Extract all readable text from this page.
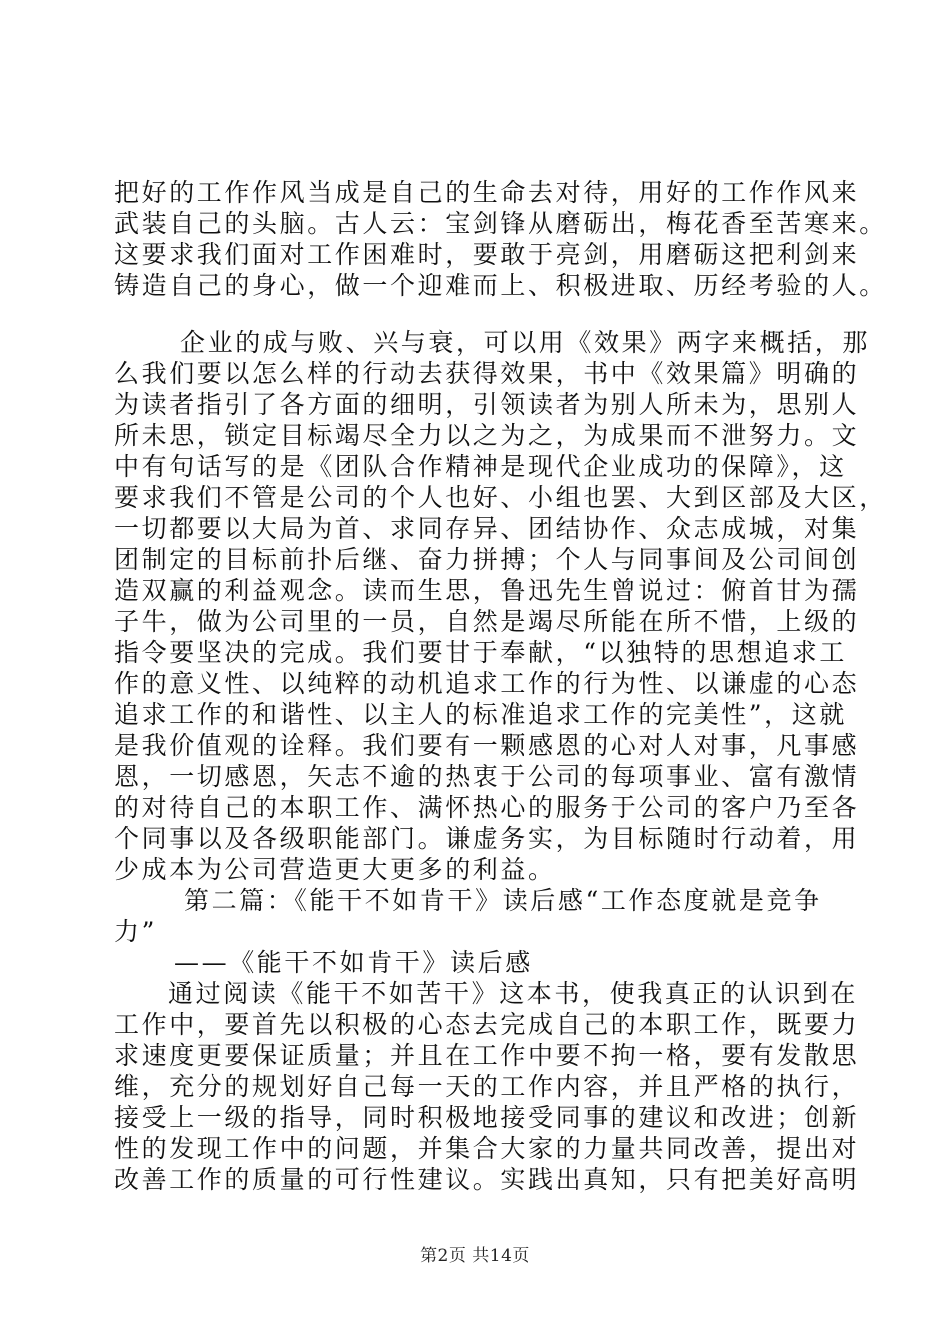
把好的工作作风当成是自己的生命去对待，用好的工作作风来
武装自己的头脑。古人云：宝剑锋从磨砺出，梅花香至苦寒来。
这要求我们面对工作困难时，要敢于亮剑，用磨砺这把利剑来
铸造自己的身心，做一个迎难而上、积极进取、历经考验的人。
企业的成与败、兴与衰，可以用《效果》两字来概括，那
么我们要以怎么样的行动去获得效果，书中《效果篇》明确的
为读者指引了各方面的细明，引领读者为别人所未为，思别人
所未思，锁定目标竭尽全力以之为之，为成果而不泄努力。文
中有句话写的是《团队合作精神是现代企业成功的保障》，这
要求我们不管是公司的个人也好、小组也罢、大到区部及大区，
一切都要以大局为首、求同存异、团结协作、众志成城，对集
团制定的目标前扑后继、奋力拼搏；个人与同事间及公司间创
造双赢的利益观念。读而生思，鲁迅先生曾说过：俯首甘为孺
子牛，做为公司里的一员，自然是竭尽所能在所不惜，上级的
指令要坚决的完成。我们要甘于奉献，“以独特的思想追求工
作的意义性、以纯粹的动机追求工作的行为性、以谦虚的心态
追求工作的和谐性、以主人的标准追求工作的完美性”，这就
是我价值观的诠释。我们要有一颗感恩的心对人对事，凡事感
恩，一切感恩，矢志不逾的热衷于公司的每项事业、富有激情
的对待自己的本职工作、满怀热心的服务于公司的客户乃至各
个同事以及各级职能部门。谦虚务实，为目标随时行动着，用
少成本为公司营造更大更多的利益。
第二篇：《能干不如肯干》读后感“工作态度就是竞争
力”
——《能干不如肯干》读后感
通过阅读《能干不如苦干》这本书，使我真正的认识到在
工作中，要首先以积极的心态去完成自己的本职工作，既要力
求速度更要保证质量；并且在工作中要不拘一格，要有发散思
维，充分的规划好自己每一天的工作内容，并且严格的执行，
接受上一级的指导，同时积极地接受同事的建议和改进；创新
性的发现工作中的问题，并集合大家的力量共同改善，提出对
改善工作的质量的可行性建议。实践出真知，只有把美好高明
第2页 共14页
